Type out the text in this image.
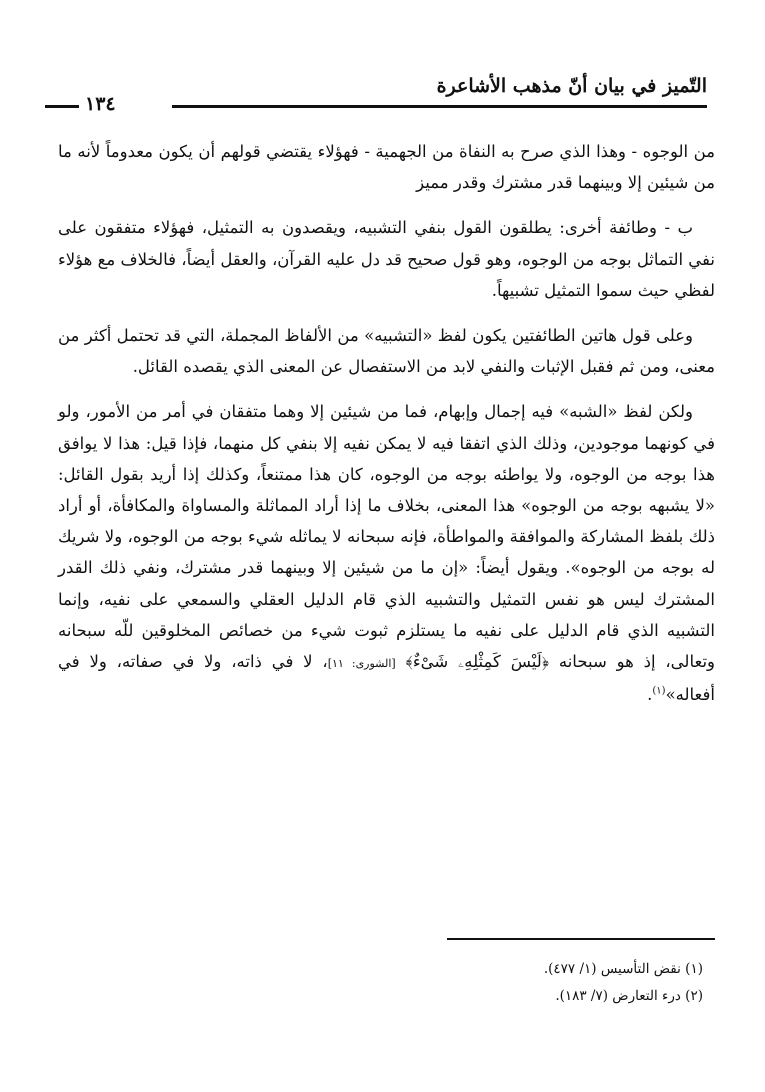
التّميز في بيان أنّ مذهب الأشاعرة
١٣٤

من الوجوه - وهذا الذي صرح به النفاة من الجهمية - فهؤلاء يقتضي قولهم أن يكون معدوماً لأنه ما من شيئين إلا وبينهما قدر مشترك وقدر مميز

ب - وطائفة أخرى: يطلقون القول بنفي التشبيه، ويقصدون به التمثيل، فهؤلاء متفقون على نفي التماثل بوجه من الوجوه، وهو قول صحيح قد دل عليه القرآن، والعقل أيضاً، فالخلاف مع هؤلاء لفظي حيث سموا التمثيل تشبيهاً.

وعلى قول هاتين الطائفتين يكون لفظ «التشبيه» من الألفاظ المجملة، التي قد تحتمل أكثر من معنى، ومن ثم فقبل الإثبات والنفي لابد من الاستفصال عن المعنى الذي يقصده القائل.

ولكن لفظ «الشبه» فيه إجمال وإبهام، فما من شيئين إلا وهما متفقان في أمر من الأمور، ولو في كونهما موجودين، وذلك الذي اتفقا فيه لا يمكن نفيه إلا بنفي كل منهما، فإذا قيل: هذا لا يوافق هذا بوجه من الوجوه، ولا يواطئه بوجه من الوجوه، كان هذا ممتنعاً، وكذلك إذا أريد بقول القائل: «لا يشبهه بوجه من الوجوه» هذا المعنى، بخلاف ما إذا أراد المماثلة والمساواة والمكافأة، أو أراد ذلك بلفظ المشاركة والموافقة والمواطأة، فإنه سبحانه لا يماثله شيء بوجه من الوجوه، ولا شريك له بوجه من الوجوه». ويقول أيضاً: «إن ما من شيئين إلا وبينهما قدر مشترك، ونفي ذلك القدر المشترك ليس هو نفس التمثيل والتشبيه الذي قام الدليل العقلي والسمعي على نفيه، وإنما التشبيه الذي قام الدليل على نفيه ما يستلزم ثبوت شيء من خصائص المخلوقين للّه سبحانه وتعالى، إذ هو سبحانه ﴿لَيْسَ كَمِثْلِهِۦ شَىْءٌ﴾ [الشورى: ١١]، لا في ذاته، ولا في صفاته، ولا في أفعاله»$^{(١)}$.

(١) نقض التأسيس (١/ ٤٧٧).
(٢) درء التعارض (٧/ ١٨٣).
